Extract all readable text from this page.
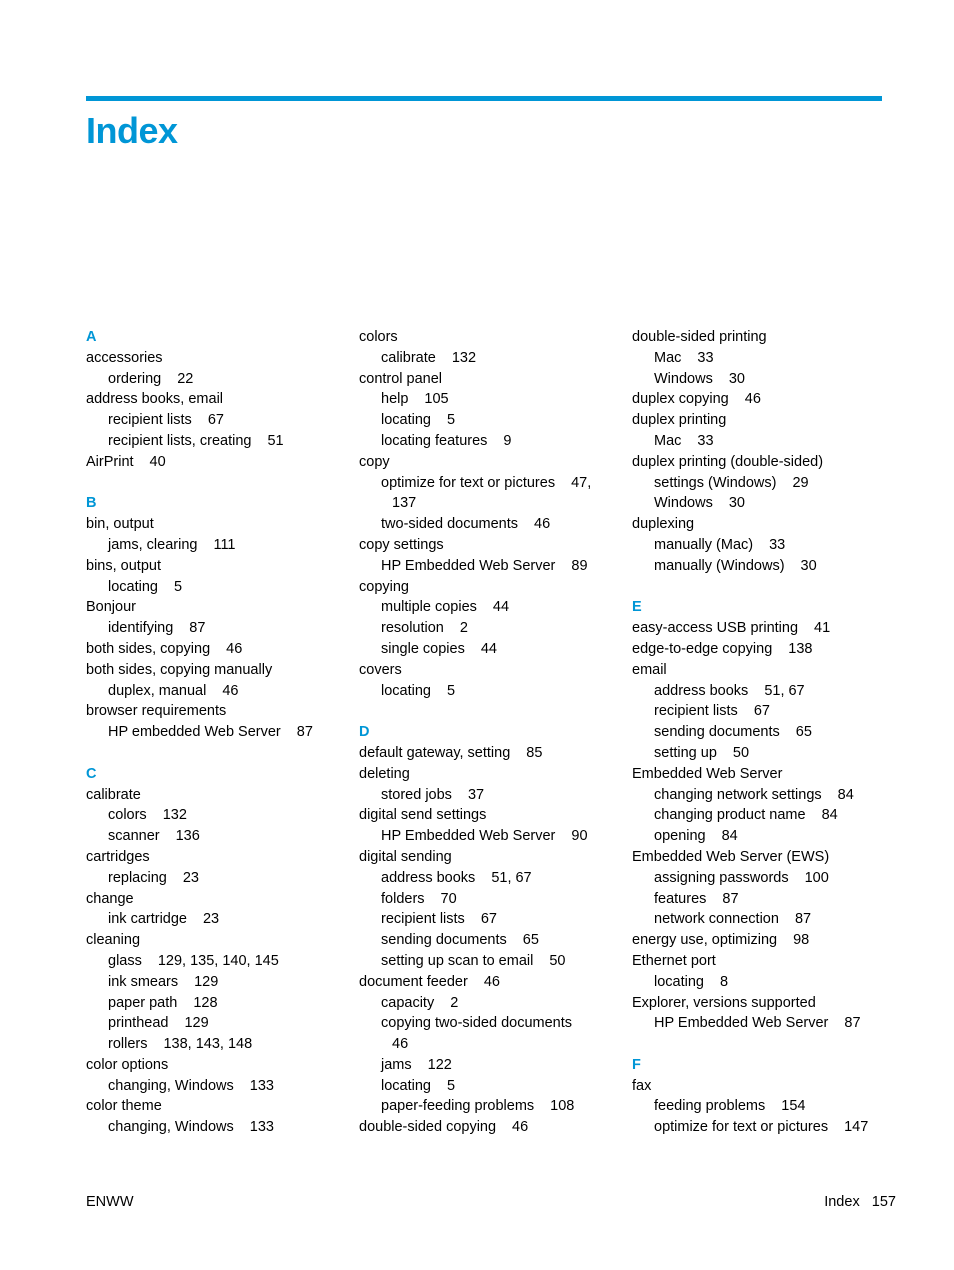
Index
A
accessories
ordering 22
address books, email
recipient lists 67
recipient lists, creating 51
AirPrint 40
B
bin, output
jams, clearing 111
bins, output
locating 5
Bonjour
identifying 87
both sides, copying 46
both sides, copying manually
duplex, manual 46
browser requirements
HP embedded Web Server 87
C
calibrate
colors 132
scanner 136
cartridges
replacing 23
change
ink cartridge 23
cleaning
glass 129, 135, 140, 145
ink smears 129
paper path 128
printhead 129
rollers 138, 143, 148
color options
changing, Windows 133
color theme
changing, Windows 133
colors
calibrate 132
control panel
help 105
locating 5
locating features 9
copy
optimize for text or pictures 47,
137
two-sided documents 46
copy settings
HP Embedded Web Server 89
copying
multiple copies 44
resolution 2
single copies 44
covers
locating 5
D
default gateway, setting 85
deleting
stored jobs 37
digital send settings
HP Embedded Web Server 90
digital sending
address books 51, 67
folders 70
recipient lists 67
sending documents 65
setting up scan to email 50
document feeder 46
capacity 2
copying two-sided documents
46
jams 122
locating 5
paper-feeding problems 108
double-sided copying 46
double-sided printing
Mac 33
Windows 30
duplex copying 46
duplex printing
Mac 33
duplex printing (double-sided)
settings (Windows) 29
Windows 30
duplexing
manually (Mac) 33
manually (Windows) 30
E
easy-access USB printing 41
edge-to-edge copying 138
email
address books 51, 67
recipient lists 67
sending documents 65
setting up 50
Embedded Web Server
changing network settings 84
changing product name 84
opening 84
Embedded Web Server (EWS)
assigning passwords 100
features 87
network connection 87
energy use, optimizing 98
Ethernet port
locating 8
Explorer, versions supported
HP Embedded Web Server 87
F
fax
feeding problems 154
optimize for text or pictures 147
ENWW	Index 157
